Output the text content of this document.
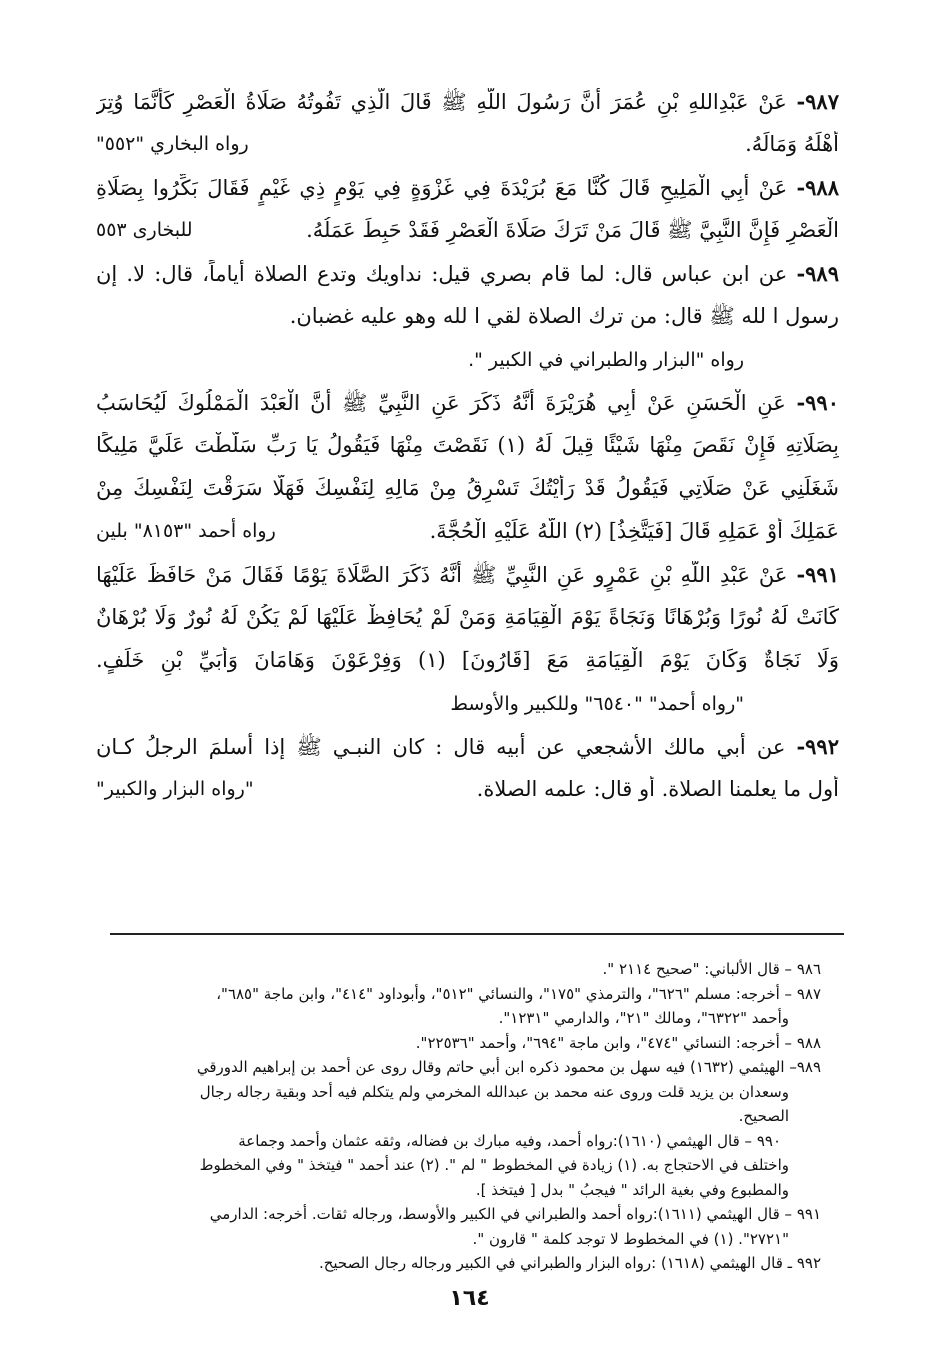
٩٨٧- عَنْ عَبْدِاللهِ بْنِ عُمَرَ أَنَّ رَسُولَ اللَّهِ ﷺ قَالَ الَّذِي تَفُوتُهُ صَلَاةُ الْعَصْرِ كَأَنَّمَا وُتِرَ
أَهْلَهُ وَمَالَهُ.
رواه البخاري "٥٥٢"
٩٨٨- عَنْ أَبِي الْمَلِيحِ قَالَ كُنَّا مَعَ بُرَيْدَةَ فِي غَزْوَةٍ فِي يَوْمٍ ذِي غَيْمٍ فَقَالَ بَكِّرُوا بِصَلَاةِ
الْعَصْرِ فَإِنَّ النَّبِيَّ ﷺ قَالَ مَنْ تَرَكَ صَلَاةَ الْعَصْرِ فَقَدْ حَبِطَ عَمَلُهُ.
للبخارى ٥٥٣
٩٨٩- عن ابن عباس قال: لما قام بصري قيل: نداويك وتدع الصلاة أياماً، قال: لا. إن
رسول ا لله ﷺ قال: من ترك الصلاة لقي ا لله وهو عليه غضبان.
رواه "البزار والطبراني في الكبير ".
٩٩٠- عَنِ الْحَسَنِ عَنْ أَبِي هُرَيْرَةَ أَنَّهُ ذَكَرَ عَنِ النَّبِيِّ ﷺ أَنَّ الْعَبْدَ الْمَمْلُوكَ لَيُحَاسَبُ
بِصَلَاتِهِ فَإِنْ نَقَصَ مِنْهَا شَيْئًا قِيلَ لَهُ (١) نَقَصْتَ مِنْهَا فَيَقُولُ يَا رَبِّ سَلَّطْتَ عَلَيَّ مَلِيكًا
شَغَلَنِي عَنْ صَلَاتِي فَيَقُولُ قَدْ رَأَيْتُكَ تَسْرِقُ مِنْ مَالِهِ لِنَفْسِكَ فَهَلَّا سَرَقْتَ لِنَفْسِكَ مِنْ
عَمَلِكَ أَوْ عَمَلِهِ قَالَ [فَيَتَّخِذُ] (٢) اللَّهُ عَلَيْهِ الْحُجَّةَ.
رواه أحمد "٨١٥٣" بلين
٩٩١- عَنْ عَبْدِ اللَّهِ بْنِ عَمْرٍو عَنِ النَّبِيِّ ﷺ أَنَّهُ ذَكَرَ الصَّلَاةَ يَوْمًا فَقَالَ مَنْ حَافَظَ عَلَيْهَا
كَانَتْ لَهُ نُورًا وَبُرْهَانًا وَنَجَاةً يَوْمَ الْقِيَامَةِ وَمَنْ لَمْ يُحَافِظْ عَلَيْهَا لَمْ يَكُنْ لَهُ نُورٌ وَلَا بُرْهَانٌ
وَلَا نَجَاةٌ وَكَانَ يَوْمَ الْقِيَامَةِ مَعَ [قَارُونَ] (١) وَفِرْعَوْنَ وَهَامَانَ وَأُبَيِّ بْنِ خَلَفٍ.
"رواه أحمد" "٦٥٤٠" وللكبير والأوسط
٩٩٢- عن أبي مالك الأشجعي عن أبيه قال : كان النبـي ﷺ إذا أسلمَ الرجلُ كـان
أول ما يعلمنا الصلاة. أو قال: علمه الصلاة.
"رواه البزار والكبير"
٩٨٦ – قال الألباني: "صحيح ٢١١٤ ".
٩٨٧ – أخرجه: مسلم "٦٢٦"، والترمذي "١٧٥"، والنسائي "٥١٢"، وأبوداود "٤١٤"، وابن ماجة "٦٨٥"،
وأحمد "٦٣٢٢"، ومالك "٢١"، والدارمي "١٢٣١".
٩٨٨ – أخرجه: النسائي "٤٧٤"، وابن ماجة "٦٩٤"، وأحمد "٢٢٥٣٦".
٩٨٩– الهيثمي (١٦٣٢) فيه سهل بن محمود ذكره ابن أبي حاتم وقال روى عن أحمد بن إبراهيم الدورقي
وسعدان بن يزيد قلت وروى عنه محمد بن عبدالله المخرمي ولم يتكلم فيه أحد وبقية رجاله رجال
الصحيح.
٩٩٠ – قال الهيثمي (١٦١٠):رواه أحمد، وفيه مبارك بن فضاله، وثقه عثمان وأحمد وجماعة
واختلف في الاحتجاج به. (١) زيادة في المخطوط " لم ". (٢) عند أحمد " فيتخذ " وفي المخطوط
والمطبوع وفي بغية الرائد " فيجبُ " بدل [ فيتخذ ].
٩٩١ – قال الهيثمي (١٦١١):رواه أحمد والطبراني في الكبير والأوسط، ورجاله ثقات. أخرجه: الدارمي
"٢٧٢١". (١) في المخطوط لا توجد كلمة " قارون ".
٩٩٢ ـ قال الهيثمي (١٦١٨) :رواه البزار والطبراني في الكبير ورجاله رجال الصحيح.
١٦٤
